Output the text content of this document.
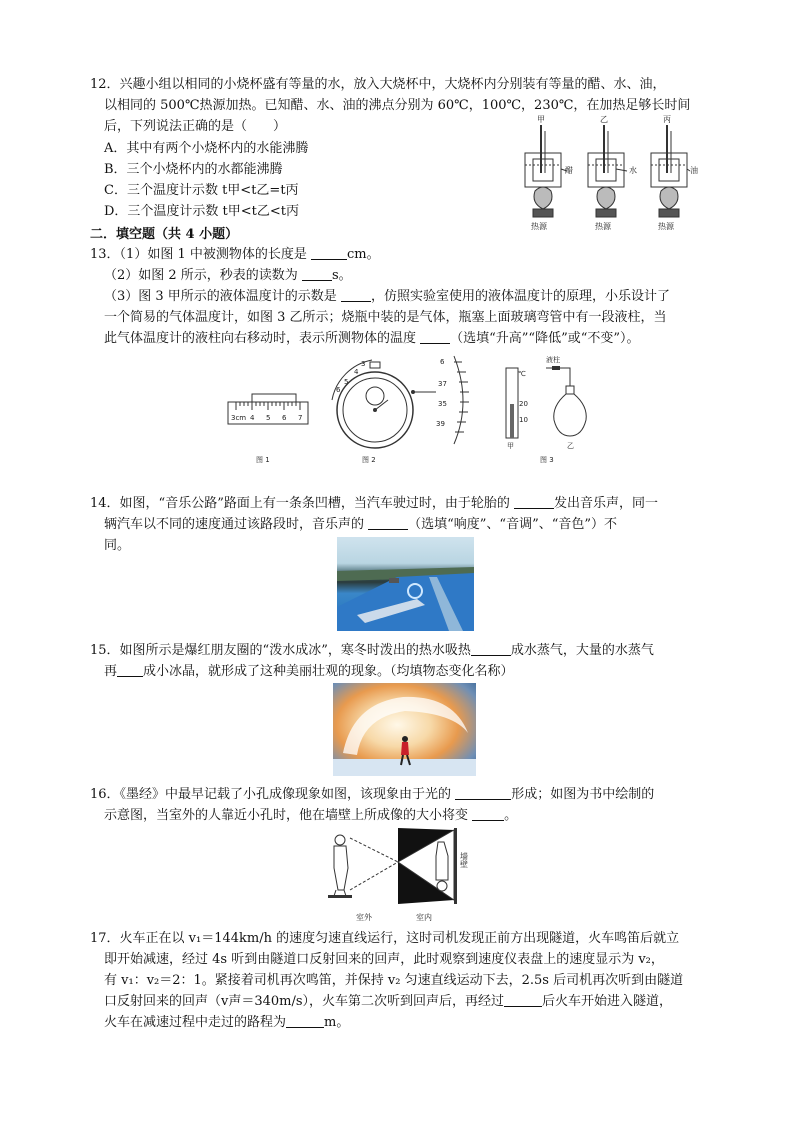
12．兴趣小组以相同的小烧杯盛有等量的水，放入大烧杯中，大烧杯内分别装有等量的醋、水、油，
以相同的 500℃热源加热。已知醋、水、油的沸点分别为 60℃，100℃，230℃，在加热足够长时间
后，下列说法正确的是（　　）
A．其中有两个小烧杯内的水能沸腾
B．三个小烧杯内的水都能沸腾
C．三个温度计示数 t甲<t乙=t丙
D．三个温度计示数 t甲<t乙<t丙
甲	乙	丙
醋	水	油
热源	热源	热源
二．填空题（共 4 小题）
13．（1）如图 1 中被测物体的长度是	cm。
（2）如图 2 所示，秒表的读数为 s。
（3）图 3 甲所示的液体温度计的示数是 ，仿照实验室使用的液体温度计的原理，小乐设计了
一个简易的气体温度计，如图 3 乙所示；烧瓶中装的是气体，瓶塞上面玻璃弯管中有一段液柱，当
此气体温度计的液柱向右移动时，表示所测物体的温度 （选填“升高”“降低”或“不变”）。
3cm 4 5 6 7
图 1
3
4
5
6
6
37
35
39
图 2
℃
20
10
甲
液柱
乙
图 3
14．如图，“音乐公路”路面上有一条条凹槽，当汽车驶过时，由于轮胎的	发出音乐声，同一
辆汽车以不同的速度通过该路段时，音乐声的	（选填“响度”、“音调”、“音色”）不
同。
15．如图所示是爆红朋友圈的“泼水成冰”，寒冬时泼出的热水吸热	成水蒸气，大量的水蒸气
再 成小冰晶，就形成了这种美丽壮观的现象。（均填物态变化名称）
16．《墨经》中最早记载了小孔成像现象如图，该现象由于光的	形成；如图为书中绘制的
示意图，当室外的人靠近小孔时，他在墙壁上所成像的大小将变 。
墙壁
室外	室内
17．火车正在以 v₁＝144km/h 的速度匀速直线运行，这时司机发现正前方出现隧道，火车鸣笛后就立
即开始减速，经过 4s 听到由隧道口反射回来的回声，此时观察到速度仪表盘上的速度显示为 v₂，
有 v₁：v₂＝2：1。紧接着司机再次鸣笛，并保持 v₂ 匀速直线运动下去，2.5s 后司机再次听到由隧道
口反射回来的回声（v声＝340m/s），火车第二次听到回声后，再经过	后火车开始进入隧道，
火车在减速过程中走过的路程为	m。
